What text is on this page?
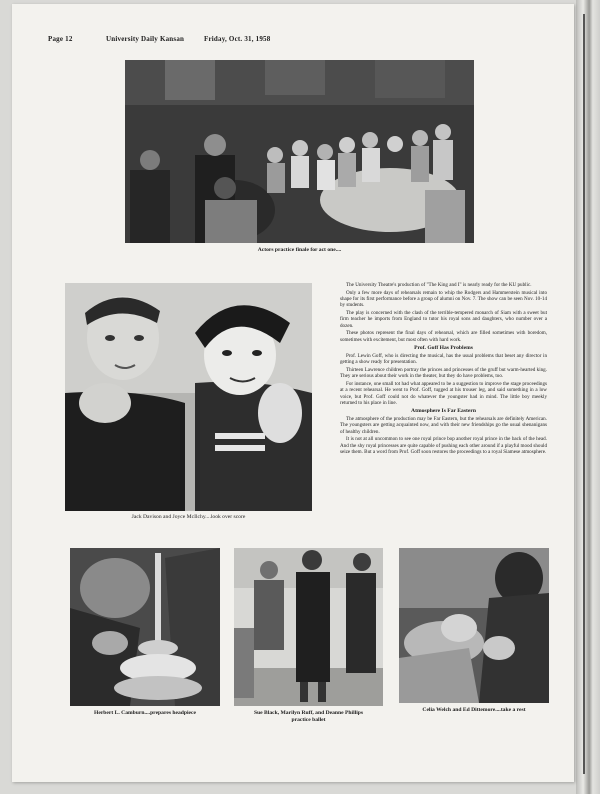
Page 12	University Daily Kansan	Friday, Oct. 31, 1958
Actors practice finale for act one....
Jack Davison and Joyce McIlchy....look over score

The University Theatre's production of "The King and I" is nearly ready for the KU public.

Only a few more days of rehearsals remain to whip the Rodgers and Hammerstein musical into shape for its first performance before a group of alumni on Nov. 7. The show can be seen Nov. 10-14 by students.

The play is concerned with the clash of the terrible-tempered monarch of Siam with a sweet but firm teacher he imports from England to tutor his royal sons and daughters, who number over a dozen.

These photos represent the final days of rehearsal, which are filled sometimes with boredom, sometimes with excitement, but most often with hard work.

Prof. Goff Has Problems

Prof. Lewin Goff, who is directing the musical, has the usual problems that beset any director in getting a show ready for presentation.

Thirteen Lawrence children portray the princes and princesses of the gruff but warm-hearted king. They are serious about their work in the theater, but they do have problems, too.

For instance, one small tot had what appeared to be a suggestion to improve the stage proceedings at a recent rehearsal. He went to Prof. Goff, tugged at his trouser leg, and said something in a low voice, but Prof. Goff could not do whatever the youngster had in mind. The little boy meekly returned to his place in line.

Atmosphere Is Far Eastern

The atmosphere of the production may be Far Eastern, but the rehearsals are definitely American. The youngsters are getting acquainted now, and with their new friendships go the usual shenanigans of healthy children.

It is not at all uncommon to see one royal prince bop another royal prince in the back of the head. And the shy royal princesses are quite capable of pushing each other around if a playful mood should seize them. But a word from Prof. Goff soon restores the proceedings to a royal Siamese atmosphere.

Herbert L. Camburn....prepares headpiece	Sue Black, Marilyn Ruff, and Deanne Phillips
practice ballet
Celia Welch and Ed Dittemore....take a rest
